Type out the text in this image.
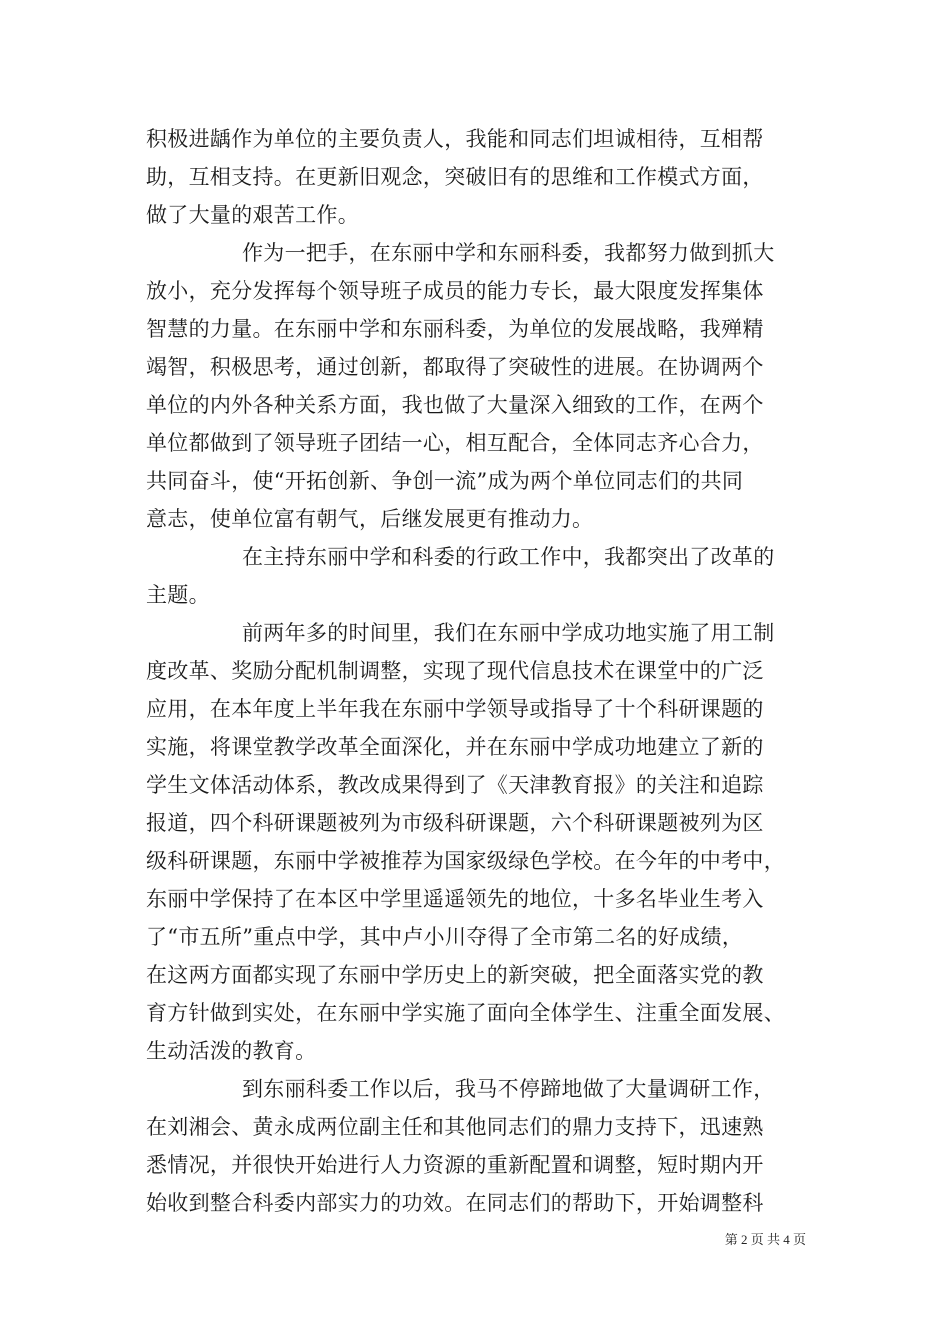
积极进龋作为单位的主要负责人，我能和同志们坦诚相待，互相帮
助，互相支持。在更新旧观念，突破旧有的思维和工作模式方面，
做了大量的艰苦工作。
作为一把手，在东丽中学和东丽科委，我都努力做到抓大
放小，充分发挥每个领导班子成员的能力专长，最大限度发挥集体
智慧的力量。在东丽中学和东丽科委，为单位的发展战略，我殚精
竭智，积极思考，通过创新，都取得了突破性的进展。在协调两个
单位的内外各种关系方面，我也做了大量深入细致的工作，在两个
单位都做到了领导班子团结一心，相互配合，全体同志齐心合力，
共同奋斗，使“开拓创新、争创一流”成为两个单位同志们的共同
意志，使单位富有朝气，后继发展更有推动力。
在主持东丽中学和科委的行政工作中，我都突出了改革的
主题。
前两年多的时间里，我们在东丽中学成功地实施了用工制
度改革、奖励分配机制调整，实现了现代信息技术在课堂中的广泛
应用，在本年度上半年我在东丽中学领导或指导了十个科研课题的
实施，将课堂教学改革全面深化，并在东丽中学成功地建立了新的
学生文体活动体系，教改成果得到了《天津教育报》的关注和追踪
报道，四个科研课题被列为市级科研课题，六个科研课题被列为区
级科研课题，东丽中学被推荐为国家级绿色学校。在今年的中考中，
东丽中学保持了在本区中学里遥遥领先的地位，十多名毕业生考入
了“市五所”重点中学，其中卢小川夺得了全市第二名的好成绩，
在这两方面都实现了东丽中学历史上的新突破，把全面落实党的教
育方针做到实处，在东丽中学实施了面向全体学生、注重全面发展、
生动活泼的教育。
到东丽科委工作以后，我马不停蹄地做了大量调研工作，
在刘湘会、黄永成两位副主任和其他同志们的鼎力支持下，迅速熟
悉情况，并很快开始进行人力资源的重新配置和调整，短时期内开
始收到整合科委内部实力的功效。在同志们的帮助下，开始调整科
第 2 页 共 4 页
